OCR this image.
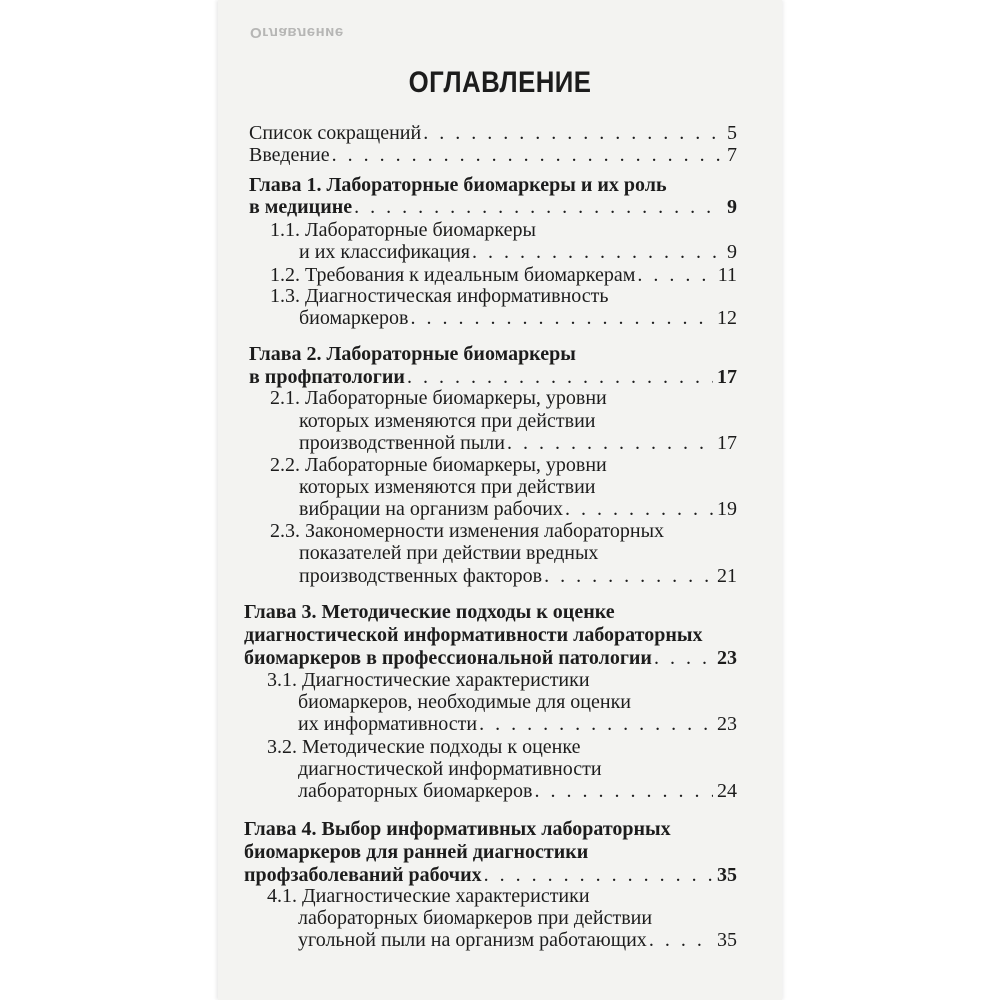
Оглавление
ОГЛАВЛЕНИЕ
Список сокращений . . .	5
Введение . . .	7
Глава 1. Лабораторные биомаркеры и их роль
в медицине . . .	9
1.1. Лабораторные биомаркеры
и их классификация . . .	9
1.2. Требования к идеальным биомаркерам . . .	11
1.3. Диагностическая информативность
биомаркеров . . .	12
Глава 2. Лабораторные биомаркеры
в профпатологии . . .	17
2.1. Лабораторные биомаркеры, уровни
которых изменяются при действии
производственной пыли . . .	17
2.2. Лабораторные биомаркеры, уровни
которых изменяются при действии
вибрации на организм рабочих . . .	19
2.3. Закономерности изменения лабораторных
показателей при действии вредных
производственных факторов . . .	21
Глава 3. Методические подходы к оценке
диагностической информативности лабораторных
биомаркеров в профессиональной патологии . . .	23
3.1. Диагностические характеристики
биомаркеров, необходимые для оценки
их информативности . . .	23
3.2. Методические подходы к оценке
диагностической информативности
лабораторных биомаркеров . . .	24
Глава 4. Выбор информативных лабораторных
биомаркеров для ранней диагностики
профзаболеваний рабочих . . .	35
4.1. Диагностические характеристики
лабораторных биомаркеров при действии
угольной пыли на организм работающих . . .	35
